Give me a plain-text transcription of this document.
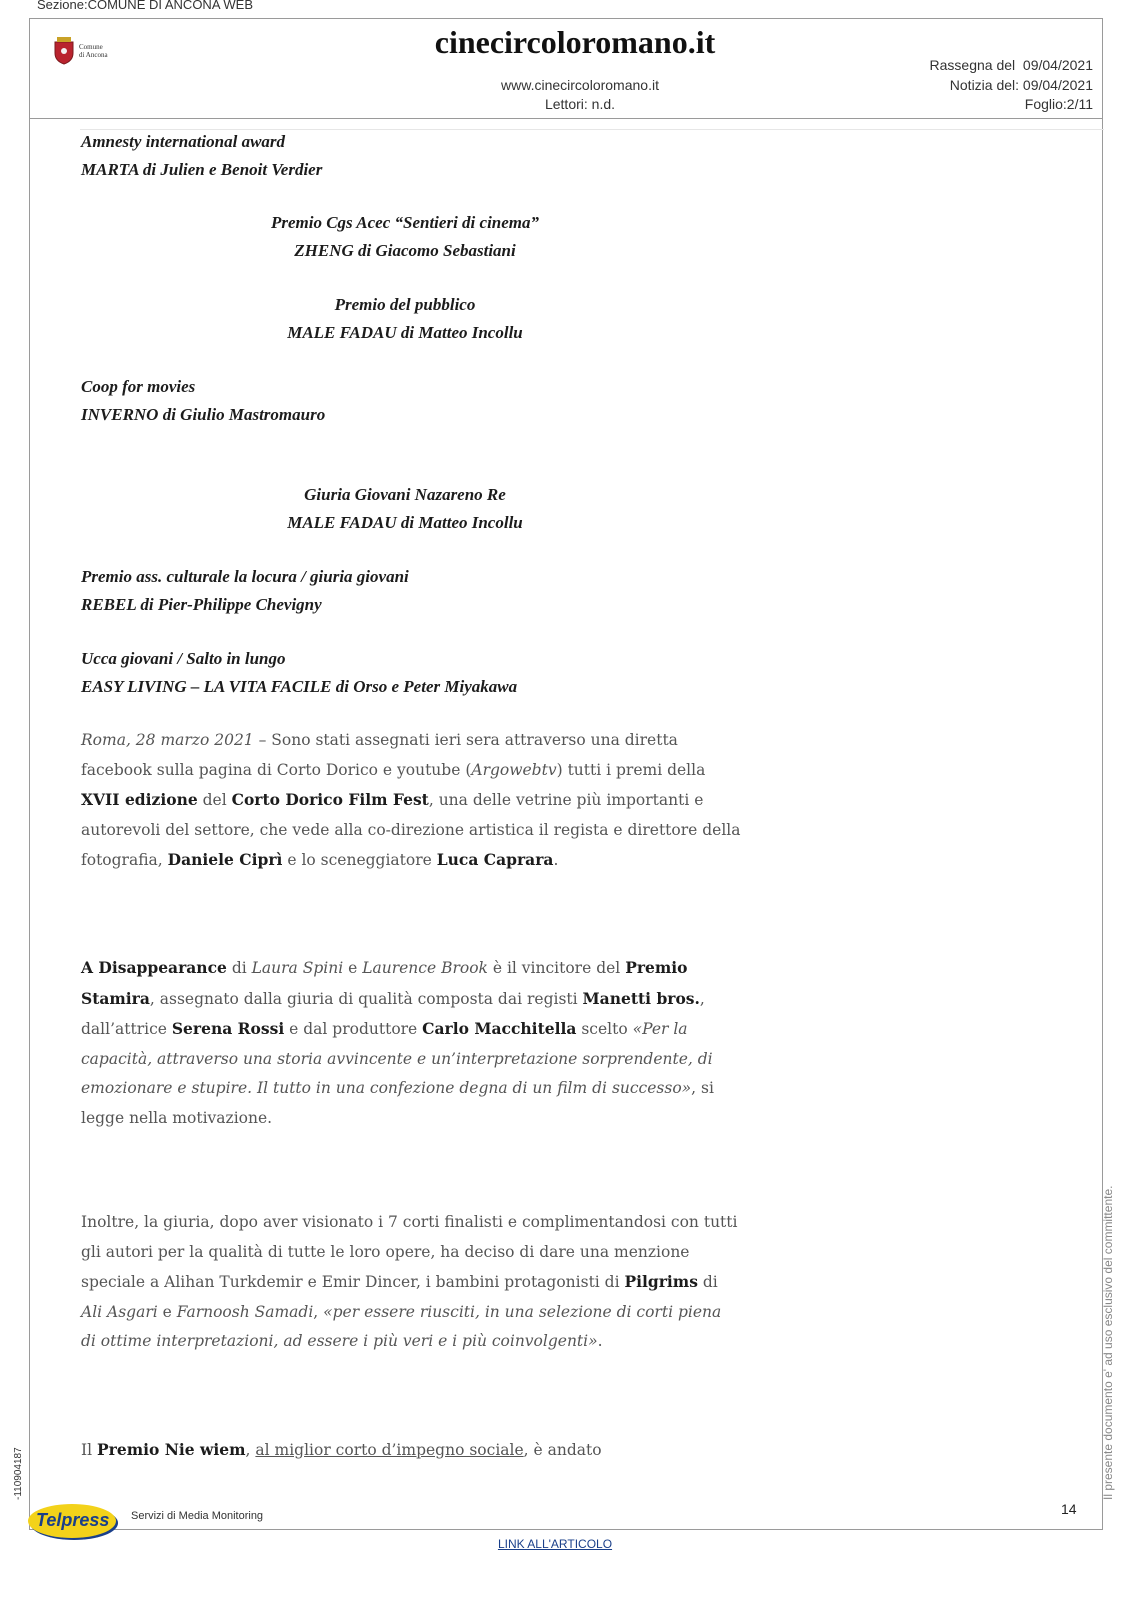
Sezione:COMUNE DI ANCONA WEB
Comune
di Ancona	cinecircoloromano.it
www.cinecircoloromano.it
Lettori: n.d.
Rassegna del  09/04/2021
Notizia del: 09/04/2021
Foglio:2/11
Amnesty international award
MARTA di Julien e Benoit Verdier
Premio Cgs Acec “Sentieri di cinema”
ZHENG di Giacomo Sebastiani
Premio del pubblico
MALE FADAU di Matteo Incollu
Coop for movies
INVERNO di Giulio Mastromauro
Giuria Giovani Nazareno Re
MALE FADAU di Matteo Incollu
Premio ass. culturale la locura / giuria giovani
REBEL di Pier-Philippe Chevigny
Ucca giovani / Salto in lungo
EASY LIVING – LA VITA FACILE di Orso e Peter Miyakawa
Roma, 28 marzo 2021 – Sono stati assegnati ieri sera attraverso una diretta facebook sulla pagina di Corto Dorico e youtube (Argowebtv) tutti i premi della XVII edizione del Corto Dorico Film Fest, una delle vetrine più importanti e autorevoli del settore, che vede alla co-direzione artistica il regista e direttore della fotografia, Daniele Ciprì e lo sceneggiatore Luca Caprara.
A Disappearance di Laura Spini e Laurence Brook è il vincitore del Premio Stamira, assegnato dalla giuria di qualità composta dai registi Manetti bros., dall’attrice Serena Rossi e dal produttore Carlo Macchitella scelto «Per la capacità, attraverso una storia avvincente e un’interpretazione sorprendente, di emozionare e stupire. Il tutto in una confezione degna di un film di successo», si legge nella motivazione.
Inoltre, la giuria, dopo aver visionato i 7 corti finalisti e complimentandosi con tutti gli autori per la qualità di tutte le loro opere, ha deciso di dare una menzione speciale a Alihan Turkdemir e Emir Dincer, i bambini protagonisti di Pilgrims di Ali Asgari e Farnoosh Samadi, «per essere riusciti, in una selezione di corti piena di ottime interpretazioni, ad essere i più veri e i più coinvolgenti».
Il Premio Nie wiem, al miglior corto d’impegno sociale, è andato	Il presente documento e' ad uso esclusivo del committente.
-110904187
14
Telpress Servizi di Media Monitoring
LINK ALL'ARTICOLO
